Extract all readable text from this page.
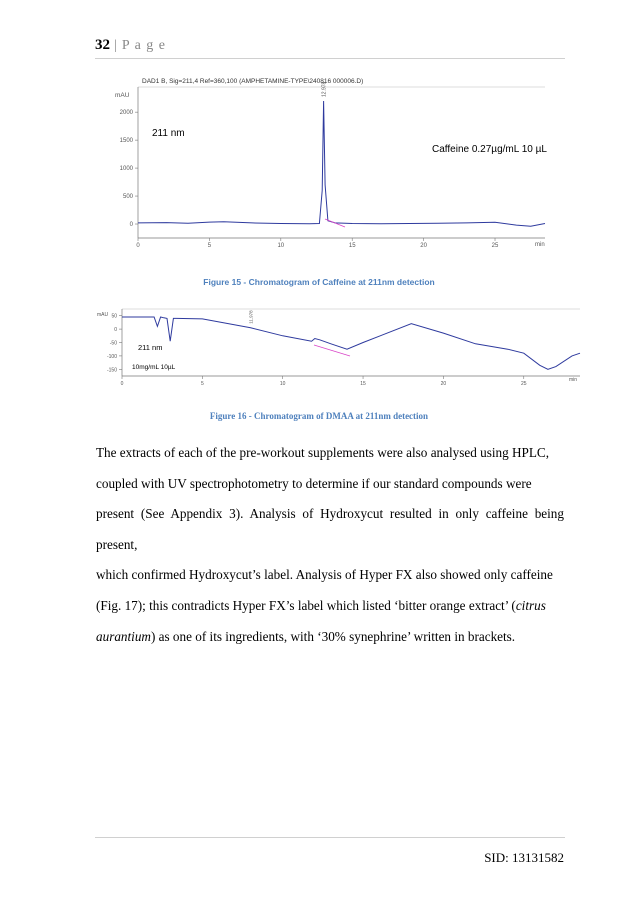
32 | P a g e
DAD1 B, Sig=211,4 Ref=360,100 (AMPHETAMINE-TYPE\240816 000006.D)
mAU
min
0
500
1000
1500
2000
0	5	10	15	20	25
12.978
211 nm
Caffeine 0.27µg/mL 10 µL
Figure 15 - Chromatogram of Caffeine at 211nm detection
mAU
min
-150
-100
-50
0
50
0	5	10	15	20	25
11.978
211 nm
10mg/mL 10µL
Figure 16 - Chromatogram of DMAA at 211nm detection

The extracts of each of the pre-workout supplements were also analysed using HPLC,

coupled with UV spectrophotometry to determine if our standard compounds were

present (See Appendix 3). Analysis of Hydroxycut resulted in only caffeine being present,

which confirmed Hydroxycut’s label. Analysis of Hyper FX also showed only caffeine

(Fig. 17); this contradicts Hyper FX’s label which listed ‘bitter orange extract’ (citrus

aurantium) as one of its ingredients, with ‘30% synephrine’ written in brackets.

SID: 13131582
